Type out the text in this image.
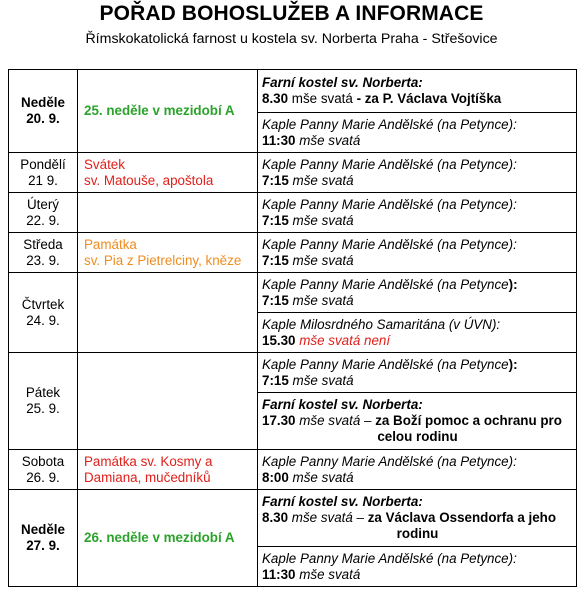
POŘAD BOHOSLUŽEB A INFORMACE
Římskokatolická farnost u kostela sv. Norberta Praha - Střešovice
Neděle
20. 9.	25. neděle v mezidobí A	Farní kostel sv. Norberta:
8.30 mše svatá - za P. Václava Vojtíška
		Kaple Panny Marie Andělské (na Petynce):
11:30 mše svatá
Pondělí
21 9.	Svátek
sv. Matouše, apoštola	Kaple Panny Marie Andělské (na Petynce):
7:15 mše svatá
Úterý
22. 9.		Kaple Panny Marie Andělské (na Petynce):
7:15 mše svatá
Středa
23. 9.	Památka
sv. Pia z Pietrelciny, kněze	Kaple Panny Marie Andělské (na Petynce):
7:15 mše svatá
Čtvrtek
24. 9.		Kaple Panny Marie Andělské (na Petynce):
7:15 mše svatá
		Kaple Milosrdného Samaritána (v ÚVN):
15.30 mše svatá není
Pátek
25. 9.		Kaple Panny Marie Andělské (na Petynce):
7:15 mše svatá
		Farní kostel sv. Norberta:
17.30 mše svatá – za Boží pomoc a ochranu pro

celou rodinu

Sobota
26. 9.	Památka sv. Kosmy a
Damiana, mučedníků	Kaple Panny Marie Andělské (na Petynce):
8:00 mše svatá
Neděle
27. 9.	26. neděle v mezidobí A	Farní kostel sv. Norberta:
8.30 mše svatá – za Václava Ossendorfa a jeho

rodinu

		Kaple Panny Marie Andělské (na Petynce):
11:30 mše svatá
